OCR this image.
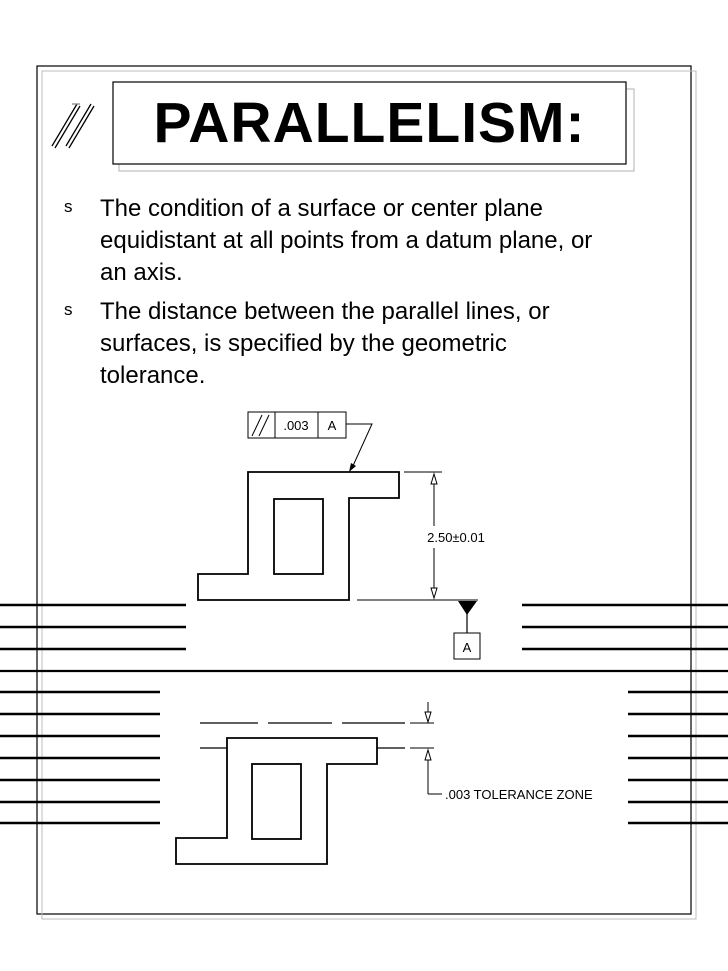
.003 A
2.50±0.01
A
.003 TOLERANCE ZONE
PARALLELISM:
s The condition of a surface or center plane
equidistant at all points from a datum plane, or
an axis.
s The distance between the parallel lines, or
surfaces, is specified by the geometric
tolerance.
